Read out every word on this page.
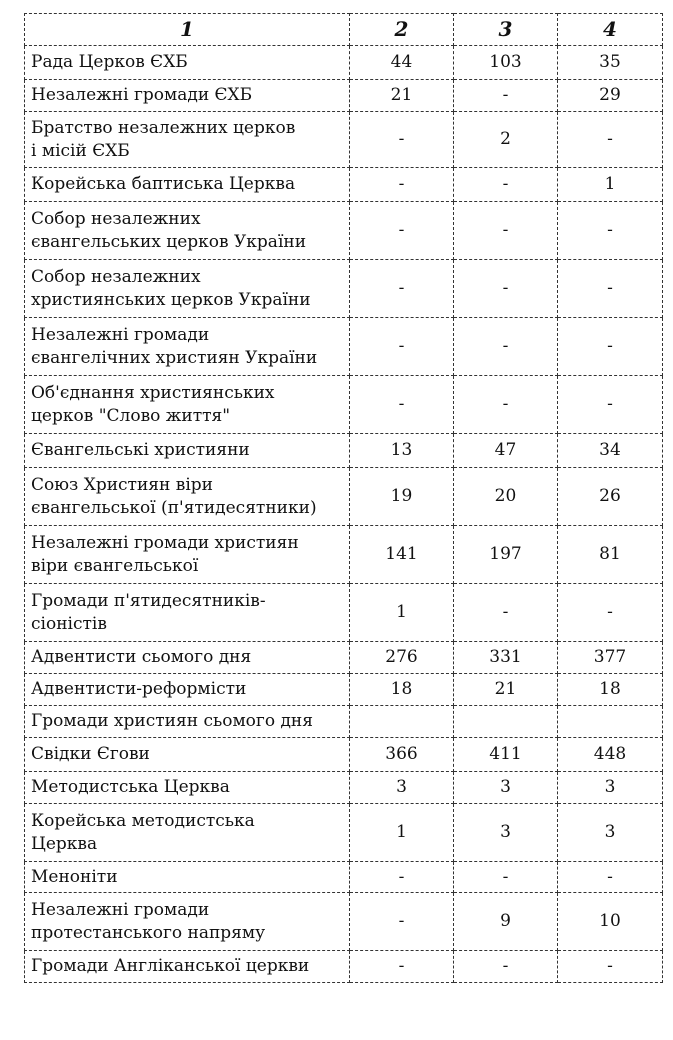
1	2	3	4

Рада Церков ЄХБ	44	103	35

Незалежні громади ЄХБ	21	-	29

Братство незалежних церков
і місій ЄХБ	-	2	-

Корейська баптиська Церква	-	-	1

Собор незалежних
євангельських церков України	-	-	-

Собор незалежних
християнських церков України	-	-	-

Незалежні громади
євангелічних християн України	-	-	-

Об'єднання християнських
церков "Слово життя"	-	-	-

Євангельські християни	13	47	34

Союз Християн віри
євангельської (п'ятидесятники)	19	20	26

Незалежні громади християн
віри євангельської	141	197	81

Громади п'ятидесятників-
сіоністів	1	-	-

Адвентисти сьомого дня	276	331	377

Адвентисти-реформісти	18	21	18

Громади християн сьомого дня			

Свідки Єгови	366	411	448

Методистська Церква	3	3	3

Корейська методистська
Церква	1	3	3

Менонiти	-	-	-

Незалежні громади
протестанського напряму	-	9	10

Громади Англіканської церкви	-	-	-
